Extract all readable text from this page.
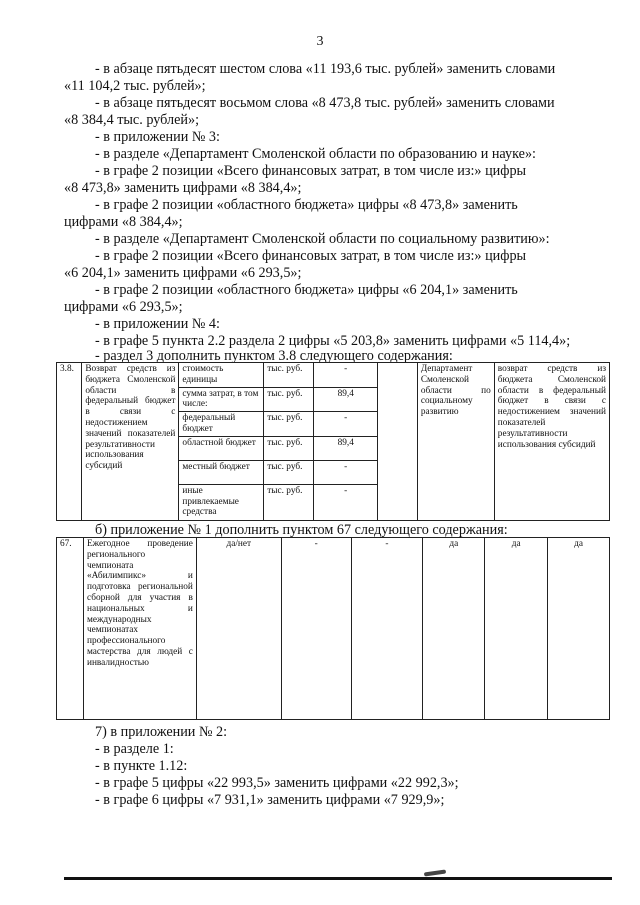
3
- в абзаце пятьдесят шестом слова «11 193,6 тыс. рублей» заменить словами
«11 104,2 тыс. рублей»;
- в абзаце пятьдесят восьмом слова «8 473,8 тыс. рублей» заменить словами
«8 384,4 тыс. рублей»;
- в приложении № 3:
- в разделе «Департамент Смоленской области по образованию и науке»:
- в графе 2 позиции «Всего финансовых затрат, в том числе из:» цифры
«8 473,8» заменить цифрами «8 384,4»;
- в графе 2 позиции «областного бюджета» цифры «8 473,8» заменить
цифрами «8 384,4»;
- в разделе «Департамент Смоленской области по социальному развитию»:
- в графе 2 позиции «Всего финансовых затрат, в том числе из:» цифры
«6 204,1» заменить цифрами «6 293,5»;
- в графе 2 позиции «областного бюджета» цифры «6 204,1» заменить
цифрами «6 293,5»;
- в приложении № 4:
- в графе 5 пункта 2.2 раздела 2 цифры «5 203,8» заменить цифрами «5 114,4»;
- раздел 3 дополнить пунктом 3.8 следующего содержания:
3.8.	Возврат средств из бюджета Смоленской области в федеральный бюджет в связи с недостижением значений показателей результативности использования субсидий	стоимость единицы	тыс. руб.	-		Департамент Смоленской области по социальному развитию	возврат средств из бюджета Смоленской области в федеральный бюджет в связи с недостижением значений показателей результативности использования субсидий
		сумма затрат, в том числе:	тыс. руб.	89,4			
		федеральный бюджет	тыс. руб.	-			
		областной бюджет	тыс. руб.	89,4			
		местный бюджет	тыс. руб.	-			
		иные привлекаемые средства	тыс. руб.	-			
б) приложение № 1 дополнить пунктом 67 следующего содержания:
67.	Ежегодное проведение регионального чемпионата «Абилимпикс» и подготовка региональной сборной для участия в национальных и международных чемпионатах профессионального мастерства для людей с инвалидностью	да/нет	-	-	да	да	да
7) в приложении № 2:
- в разделе 1:
- в пункте 1.12:
- в графе 5 цифры «22 993,5» заменить цифрами «22 992,3»;
- в графе 6 цифры «7 931,1» заменить цифрами «7 929,9»;
